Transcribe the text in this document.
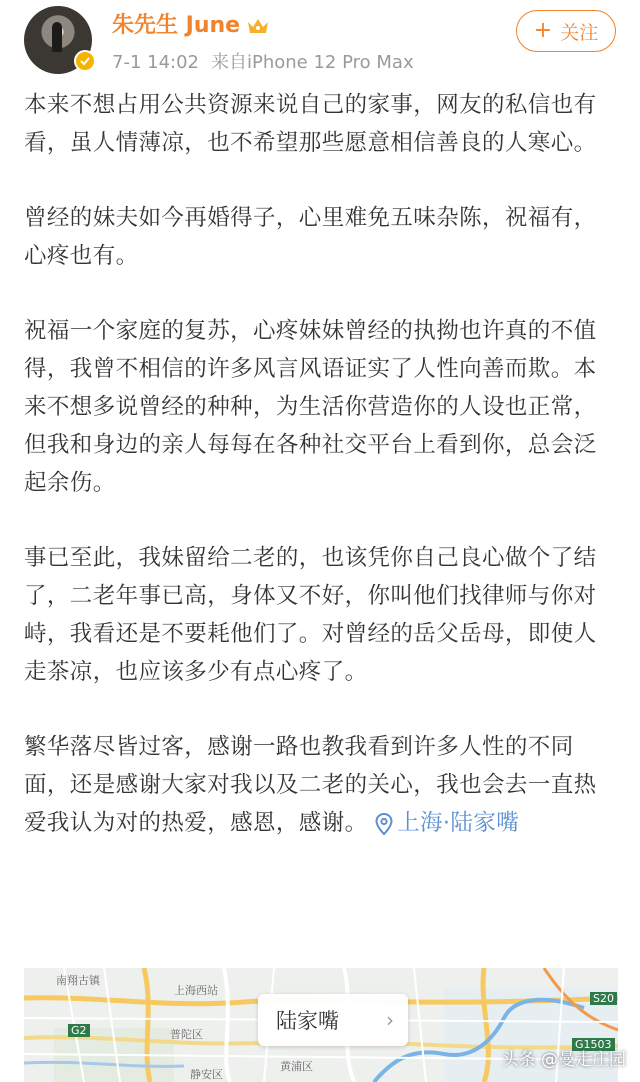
朱先生 June
7-1 14:02 来自iPhone 12 Pro Max
+ 关注

本来不想占用公共资源来说自己的家事，网友的私信也有看，虽人情薄凉，也不希望那些愿意相信善良的人寒心。

曾经的妹夫如今再婚得子，心里难免五味杂陈，祝福有，心疼也有。

祝福一个家庭的复苏，心疼妹妹曾经的执拗也许真的不值得，我曾不相信的许多风言风语证实了人性向善而欺。本来不想多说曾经的种种，为生活你营造你的人设也正常，但我和身边的亲人每每在各种社交平台上看到你，总会泛起余伤。

事已至此，我妹留给二老的，也该凭你自己良心做个了结了，二老年事已高，身体又不好，你叫他们找律师与你对峙，我看还是不要耗他们了。对曾经的岳父岳母，即使人走茶凉，也应该多少有点心疼了。

繁华落尽皆过客，感谢一路也教我看到许多人性的不同面，还是感谢大家对我以及二老的关心，我也会去一直热爱我认为对的热爱，感恩，感谢。 上海·陆家嘴

南翔古镇
上海西站
普陀区
黄浦区
静安区
G2
S20
G1503
陆家嘴 ›
头条 @曼走庄园
